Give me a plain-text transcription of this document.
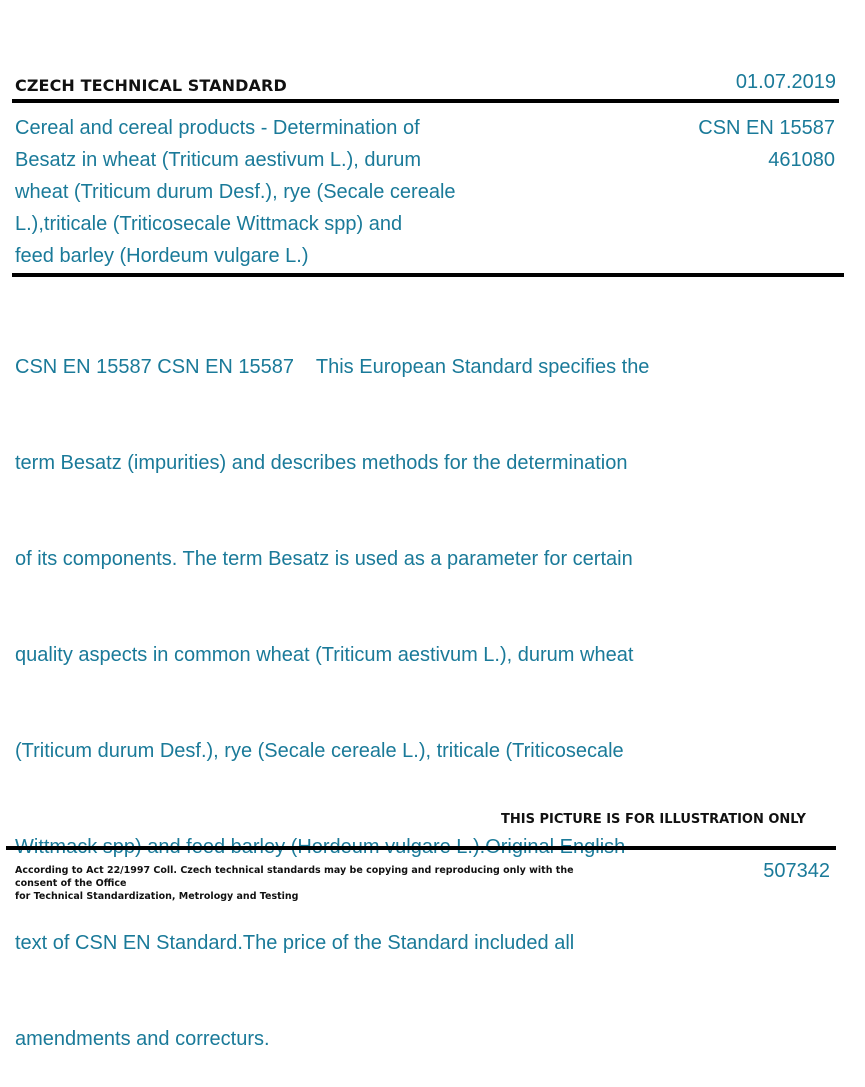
CZECH TECHNICAL STANDARD	01.07.2019
Cereal and cereal products - Determination of
Besatz in wheat (Triticum aestivum L.), durum
wheat (Triticum durum Desf.), rye (Secale cereale
L.),triticale (Triticosecale Wittmack spp) and
feed barley (Hordeum vulgare L.)
CSN EN 15587
461080

CSN EN 15587 CSN EN 15587    This European Standard specifies the

term Besatz (impurities) and describes methods for the determination

of its components. The term Besatz is used as a parameter for certain

quality aspects in common wheat (Triticum aestivum L.), durum wheat

(Triticum durum Desf.), rye (Secale cereale L.), triticale (Triticosecale

text of CSN EN Standard.The price of the Standard included all

amendments and correcturs.

THIS PICTURE IS FOR ILLUSTRATION ONLY
According to Act 22/1997 Coll. Czech technical standards may be copying and reproducing only with the consent of the Office
for Technical Standardization, Metrology and Testing
507342
